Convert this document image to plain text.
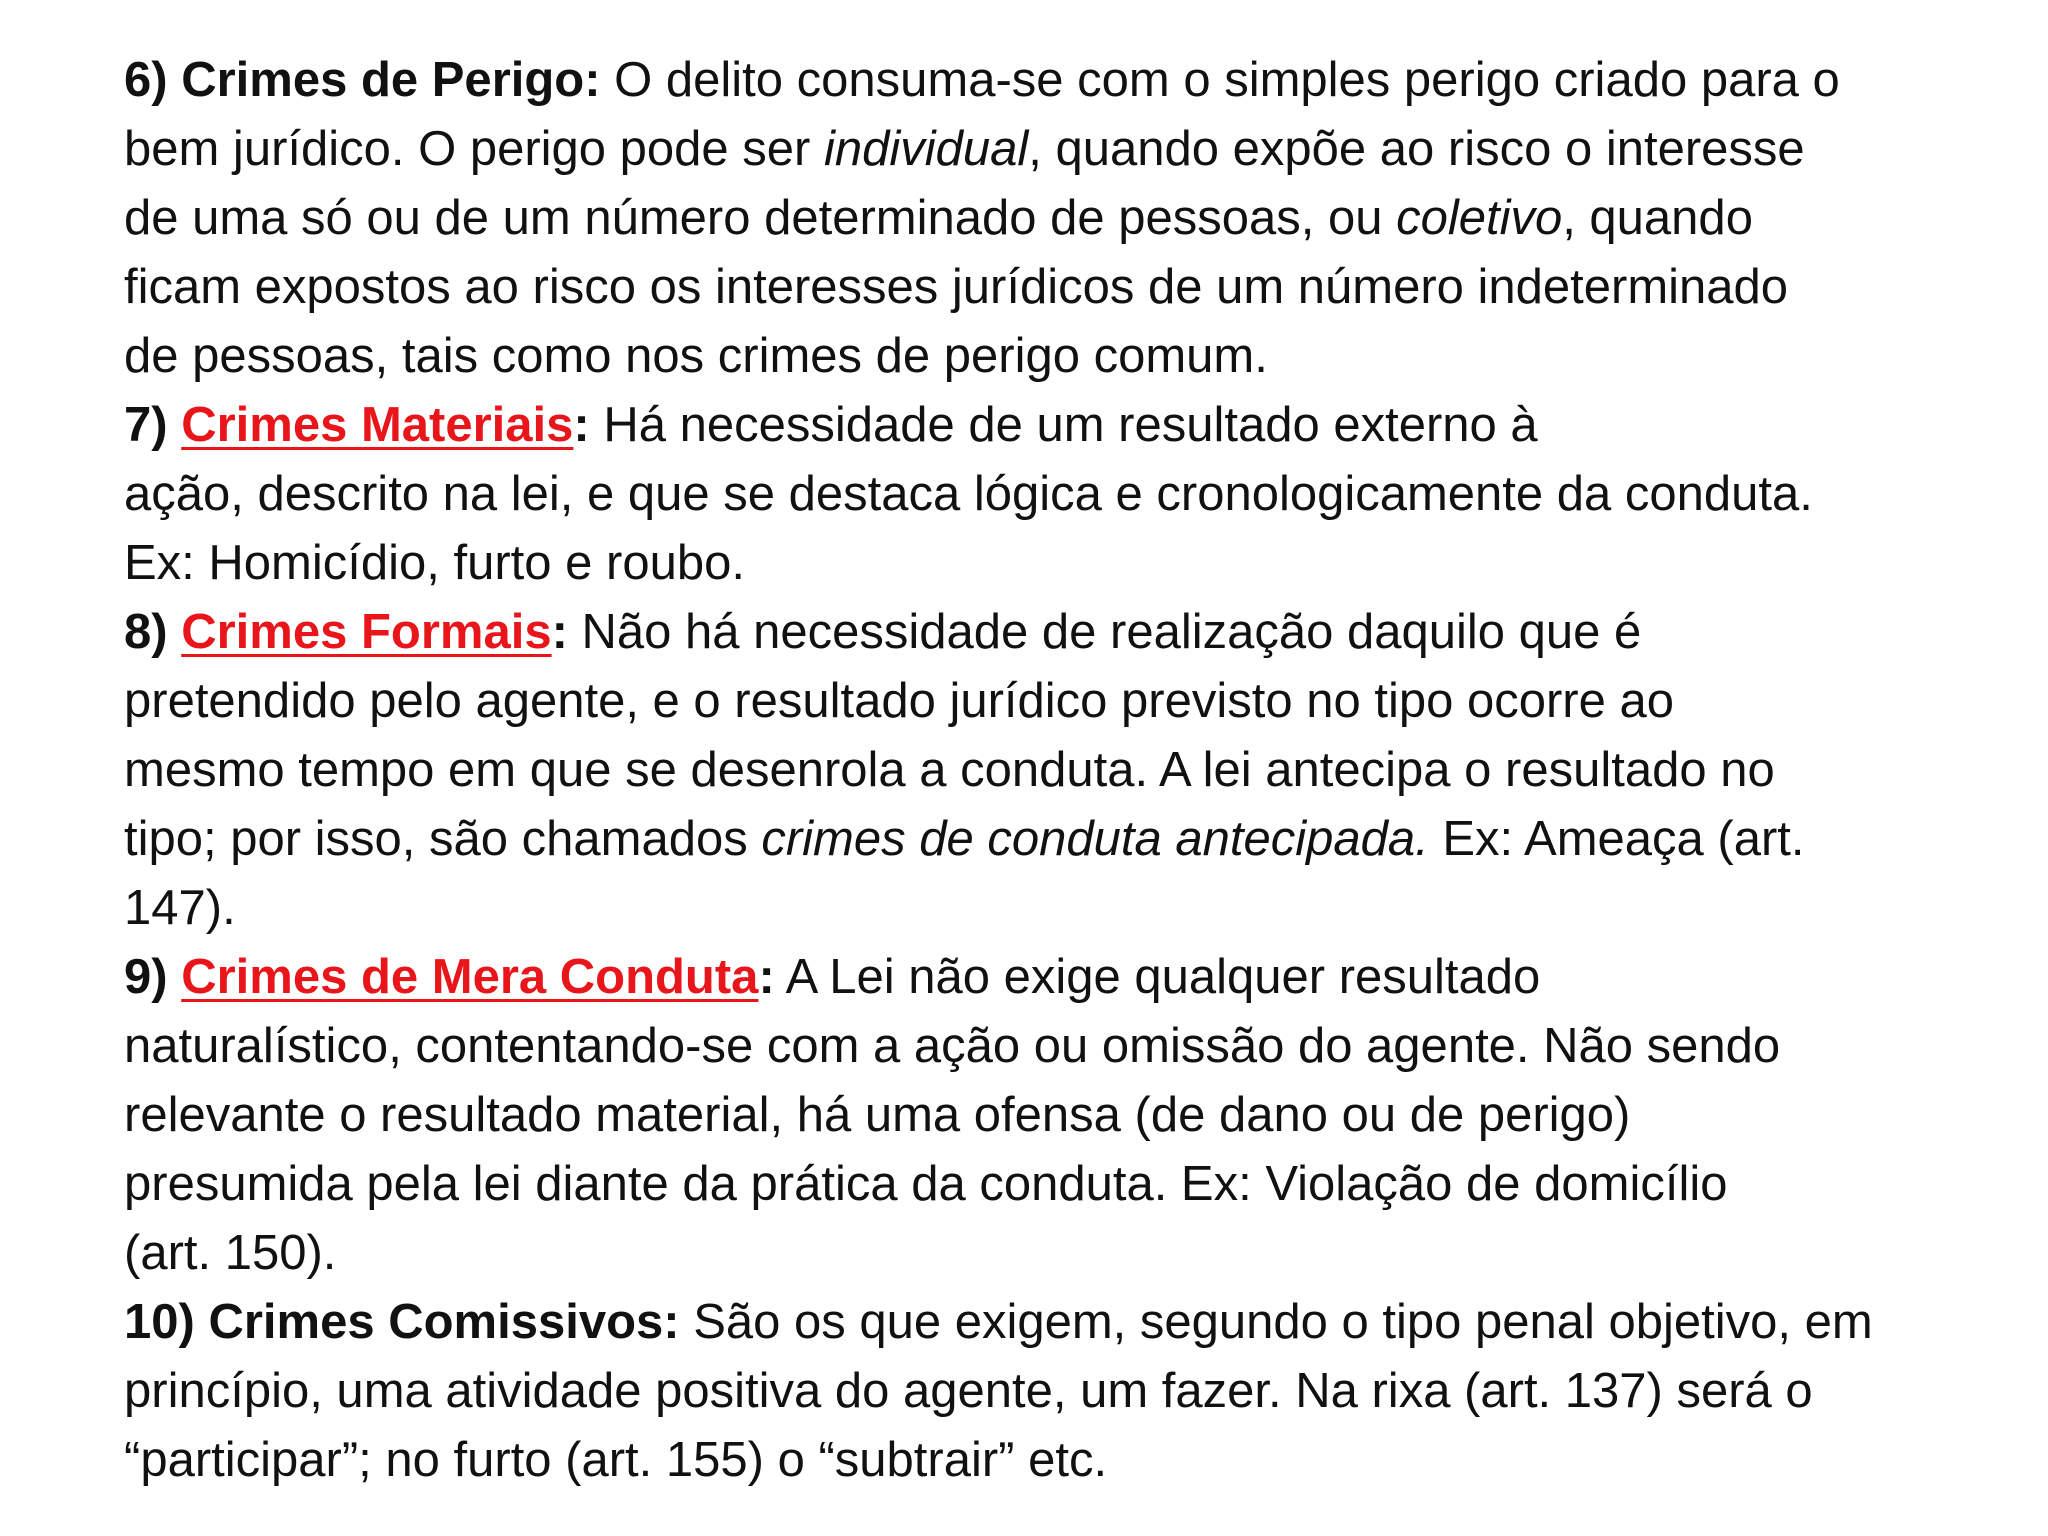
6) Crimes de Perigo: O delito consuma-se com o simples perigo criado para o
bem jurídico. O perigo pode ser individual, quando expõe ao risco o interesse
de uma só ou de um número determinado de pessoas, ou coletivo, quando
ficam expostos ao risco os interesses jurídicos de um número indeterminado
de pessoas, tais como nos crimes de perigo comum.
7) Crimes Materiais: Há necessidade de um resultado externo à
ação, descrito na lei, e que se destaca lógica e cronologicamente da conduta.
Ex: Homicídio, furto e roubo.
8) Crimes Formais: Não há necessidade de realização daquilo que é
pretendido pelo agente, e o resultado jurídico previsto no tipo ocorre ao
mesmo tempo em que se desenrola a conduta. A lei antecipa o resultado no
tipo; por isso, são chamados crimes de conduta antecipada. Ex: Ameaça (art.
147).
9) Crimes de Mera Conduta: A Lei não exige qualquer resultado
naturalístico, contentando-se com a ação ou omissão do agente. Não sendo
relevante o resultado material, há uma ofensa (de dano ou de perigo)
presumida pela lei diante da prática da conduta. Ex: Violação de domicílio
(art. 150).
10) Crimes Comissivos: São os que exigem, segundo o tipo penal objetivo, em
princípio, uma atividade positiva do agente, um fazer. Na rixa (art. 137) será o
“participar”; no furto (art. 155) o “subtrair” etc.
